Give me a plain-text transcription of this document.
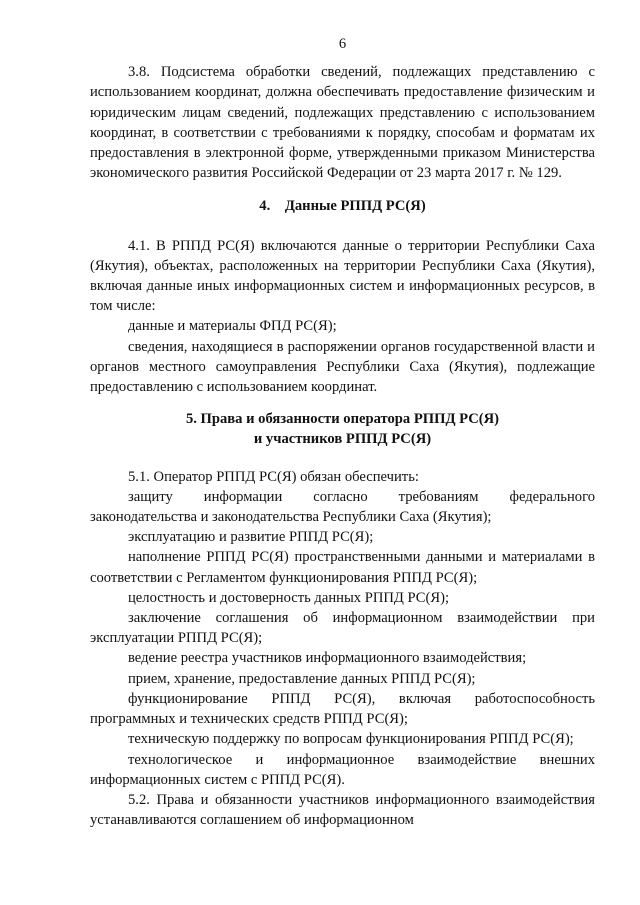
6

3.8. Подсистема обработки сведений, подлежащих представлению с использованием координат, должна обеспечивать предоставление физическим и юридическим лицам сведений, подлежащих представлению с использованием координат, в соответствии с требованиями к порядку, способам и форматам их предоставления в электронной форме, утвержденными приказом Министерства экономического развития Российской Федерации от 23 марта 2017 г. № 129.

4.    Данные РППД РС(Я)

4.1. В РППД РС(Я) включаются данные о территории Республики Саха (Якутия), объектах, расположенных на территории Республики Саха (Якутия), включая данные иных информационных систем и информационных ресурсов, в том числе:

данные и материалы ФПД РС(Я);

сведения, находящиеся в распоряжении органов государственной власти и органов местного самоуправления Республики Саха (Якутия), подлежащие предоставлению с использованием координат.

5. Права и обязанности оператора РППД РС(Я)
и участников РППД РС(Я)

5.1. Оператор РППД РС(Я) обязан обеспечить:

защиту информации согласно требованиям федерального законодательства и законодательства Республики Саха (Якутия);

эксплуатацию и развитие РППД РС(Я);

наполнение РППД РС(Я) пространственными данными и материалами в соответствии с Регламентом функционирования РППД РС(Я);

целостность и достоверность данных РППД РС(Я);

заключение соглашения об информационном взаимодействии при эксплуатации РППД РС(Я);

ведение реестра участников информационного взаимодействия;

прием, хранение, предоставление данных РППД РС(Я);

функционирование РППД РС(Я), включая работоспособность программных и технических средств РППД РС(Я);

техническую поддержку по вопросам функционирования РППД РС(Я);

технологическое и информационное взаимодействие внешних информационных систем с РППД РС(Я).

5.2. Права и обязанности участников информационного взаимодействия устанавливаются соглашением об информационном
